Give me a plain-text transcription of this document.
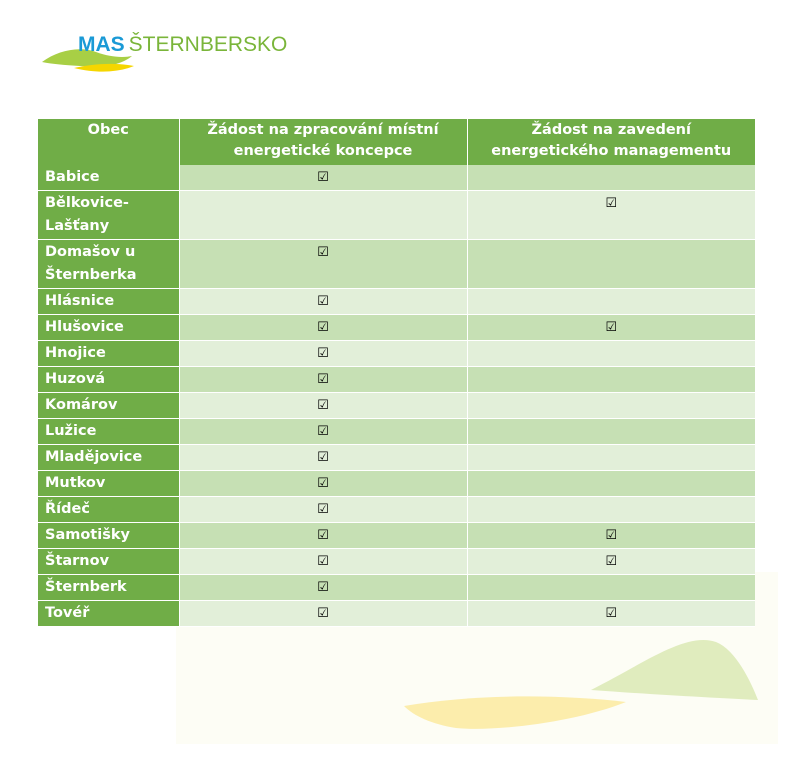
MAS ŠTERNBERSKO
Obec	Žádost na zpracování místní energetické koncepce	Žádost na zavedení energetického managementu
Babice	☑	
Bělkovice-Lašťany		☑
Domašov u Šternberka	☑	
Hlásnice	☑	
Hlušovice	☑	☑
Hnojice	☑	
Huzová	☑	
Komárov	☑	
Lužice	☑	
Mladějovice	☑	
Mutkov	☑	
Řídeč	☑	
Samotišky	☑	☑
Štarnov	☑	☑
Šternberk	☑	
Tovéř	☑	☑
